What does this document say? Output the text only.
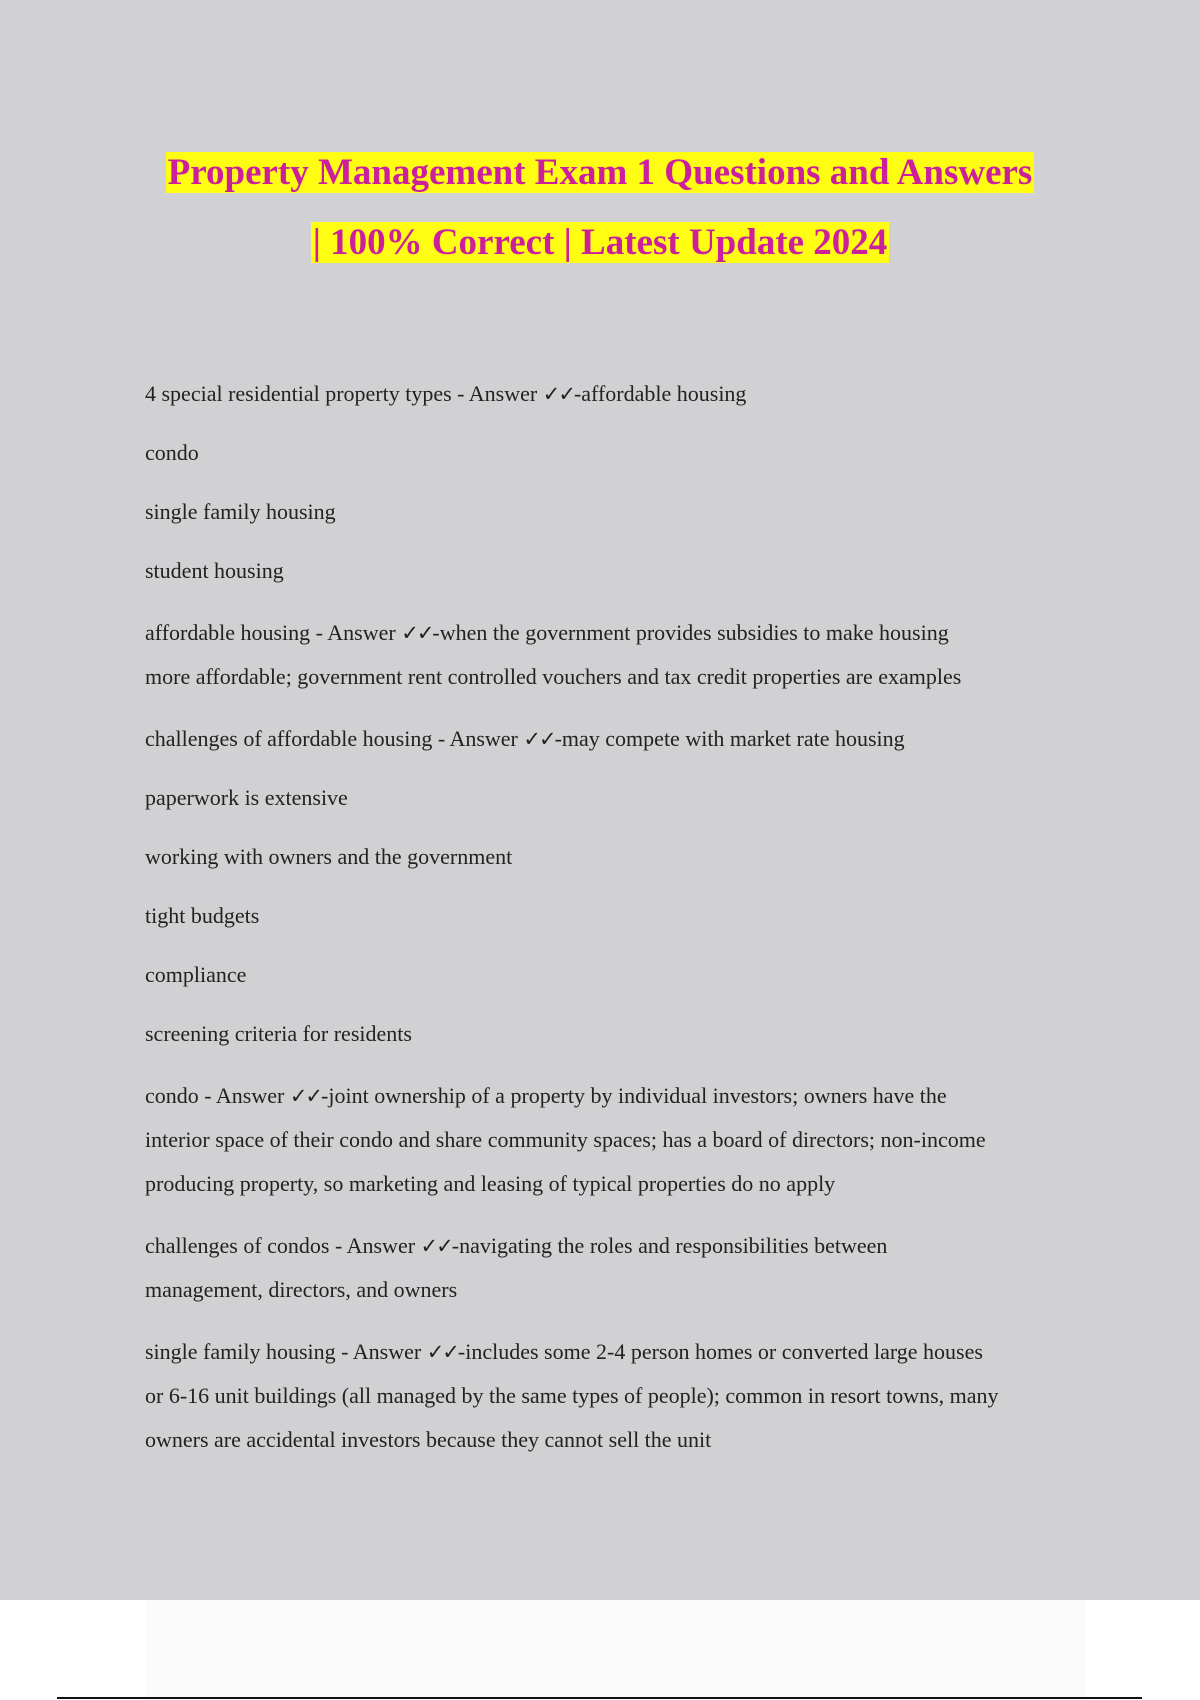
Property Management Exam 1 Questions and Answers
| 100% Correct | Latest Update 2024

4 special residential property types - Answer ✓✓-affordable housing

condo

single family housing

student housing

affordable housing - Answer ✓✓-when the government provides subsidies to make housing
more affordable; government rent controlled vouchers and tax credit properties are examples

challenges of affordable housing - Answer ✓✓-may compete with market rate housing

paperwork is extensive

working with owners and the government

tight budgets

compliance

screening criteria for residents

condo - Answer ✓✓-joint ownership of a property by individual investors; owners have the
interior space of their condo and share community spaces; has a board of directors; non-income
producing property, so marketing and leasing of typical properties do no apply

challenges of condos - Answer ✓✓-navigating the roles and responsibilities between
management, directors, and owners

single family housing - Answer ✓✓-includes some 2-4 person homes or converted large houses
or 6-16 unit buildings (all managed by the same types of people); common in resort towns, many
owners are accidental investors because they cannot sell the unit
